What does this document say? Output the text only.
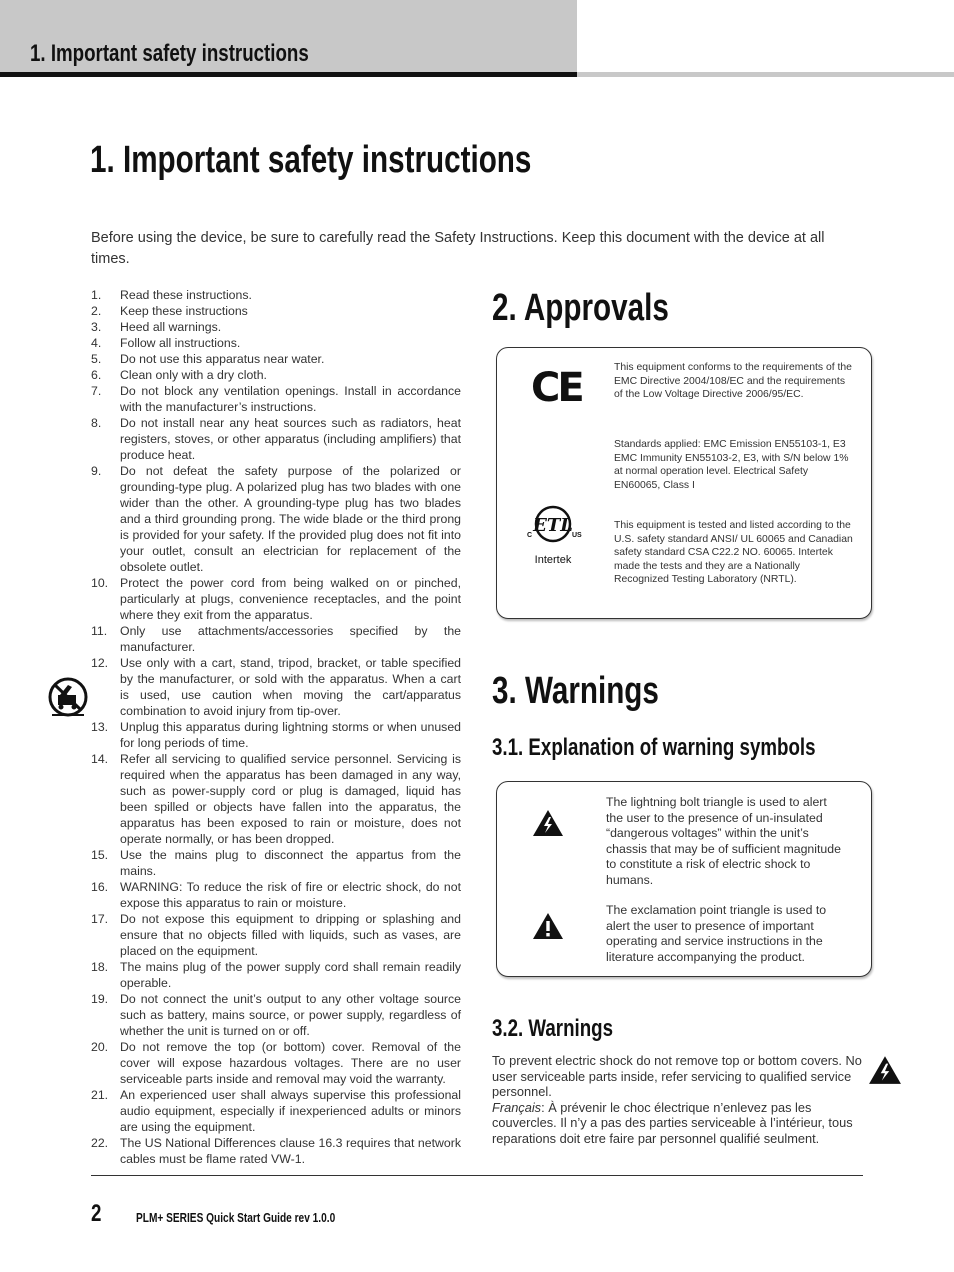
1. Important safety instructions
1. Important safety instructions
Before using the device, be sure to carefully read the Safety Instructions. Keep this document with the device at all times.
1. Read these instructions.
2. Keep these instructions
3. Heed all warnings.
4. Follow all instructions.
5. Do not use this apparatus near water.
6. Clean only with a dry cloth.
7. Do not block any ventilation openings. Install in accordance with the manufacturer’s instructions.
8. Do not install near any heat sources such as radiators, heat registers, stoves, or other apparatus (including amplifiers) that produce heat.
9. Do not defeat the safety purpose of the polarized or grounding-type plug. A polarized plug has two blades with one wider than the other. A grounding-type plug has two blades and a third grounding prong. The wide blade or the third prong is provided for your safety. If the provided plug does not fit into your outlet, consult an electrician for replacement of the obsolete outlet.
10. Protect the power cord from being walked on or pinched, particularly at plugs, convenience receptacles, and the point where they exit from the apparatus.
11. Only use attachments/accessories specified by the manufacturer.
12. Use only with a cart, stand, tripod, bracket, or table specified by the manufacturer, or sold with the apparatus. When a cart is used, use caution when moving the cart/apparatus combination to avoid injury from tip-over.
13. Unplug this apparatus during lightning storms or when unused for long periods of time.
14. Refer all servicing to qualified service personnel. Servicing is required when the apparatus has been damaged in any way, such as power-supply cord or plug is damaged, liquid has been spilled or objects have fallen into the apparatus, the apparatus has been exposed to rain or moisture, does not operate normally, or has been dropped.
15. Use the mains plug to disconnect the appartus from the mains.
16. WARNING: To reduce the risk of fire or electric shock, do not expose this apparatus to rain or moisture.
17. Do not expose this equipment to dripping or splashing and ensure that no objects filled with liquids, such as vases, are placed on the equipment.
18. The mains plug of the power supply cord shall remain readily operable.
19. Do not connect the unit’s output to any other voltage source such as battery, mains source, or power supply, regardless of whether the unit is turned on or off.
20. Do not remove the top (or bottom) cover. Removal of the cover will expose hazardous voltages. There are no user serviceable parts inside and removal may void the warranty.
21. An experienced user shall always supervise this professional audio equipment, especially if inexperienced adults or minors are using the equipment.
22. The US National Differences clause 16.3 requires that network cables must be flame rated VW-1.
2. Approvals
CE	This equipment conforms to the requirements of the EMC Directive 2004/108/EC and the requirements of the Low Voltage Directive 2006/95/EC.
Standards applied: EMC Emission EN55103-1, E3 EMC Immunity EN55103-2, E3, with S/N below 1% at normal operation level. Electrical Safety EN60065, Class I
This equipment is tested and listed according to the U.S. safety standard ANSI/ UL 60065 and Canadian safety standard CSA C22.2 NO. 60065. Intertek made the tests and they are a Nationally Recognized Testing Laboratory (NRTL).
ETL
C	US
Intertek
3. Warnings
3.1. Explanation of warning symbols
The lightning bolt triangle is used to alert the user to the presence of un-insulated “dangerous voltages” within the unit’s chassis that may be of sufficient magnitude to constitute a risk of electric shock to humans.
The exclamation point triangle is used to alert the user to presence of important operating and service instructions in the literature accompanying the product.
3.2. Warnings
To prevent electric shock do not remove top or bottom covers. No user serviceable parts inside, refer servicing to qualified service personnel.
Français: À prévenir le choc électrique n’enlevez pas les couvercles. Il n’y a pas des parties serviceable à l’intérieur, tous reparations doit etre faire par personnel qualifié seulment.
2	PLM+ SERIES Quick Start Guide rev 1.0.0
